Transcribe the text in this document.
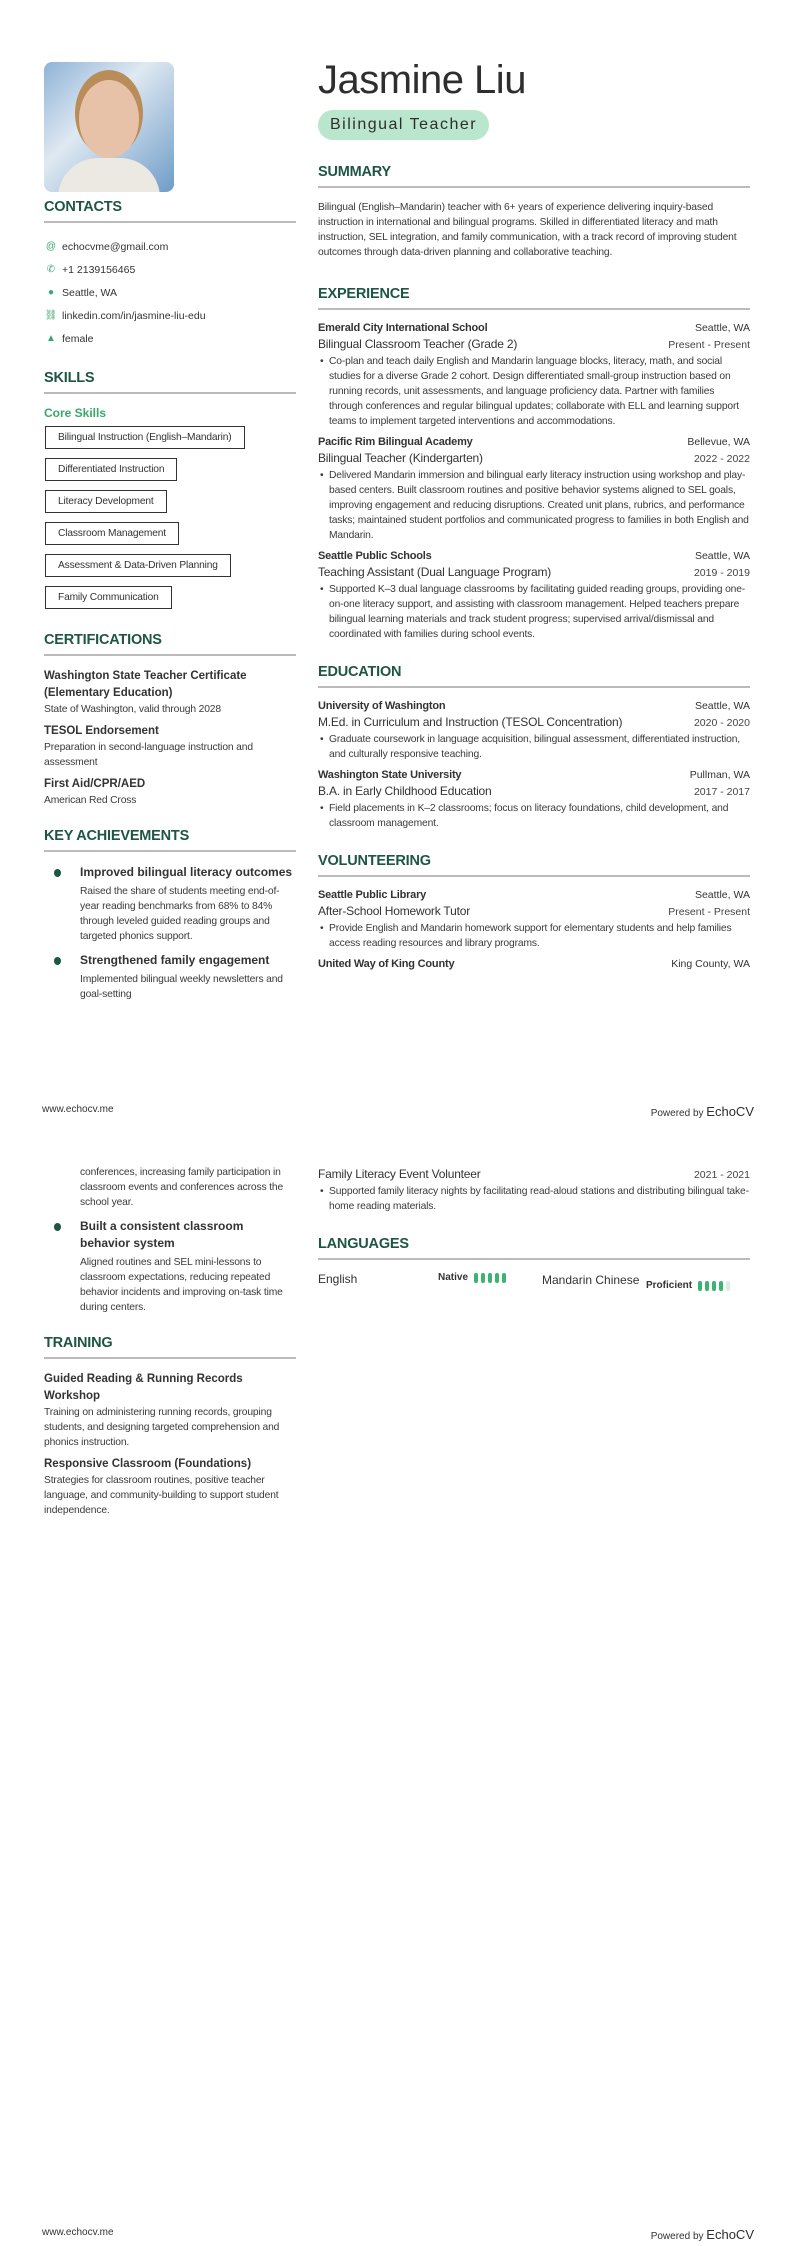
Jasmine Liu
Bilingual Teacher
CONTACTS
@ echocvme@gmail.com
✆ +1 2139156465
● Seattle, WA
⛓ linkedin.com/in/jasmine-liu-edu
▲ female
SKILLS
Core Skills
Bilingual Instruction (English–Mandarin)
Differentiated Instruction
Literacy Development
Classroom Management
Assessment & Data-Driven Planning
Family Communication
CERTIFICATIONS
Washington State Teacher Certificate (Elementary Education)
State of Washington, valid through 2028
TESOL Endorsement
Preparation in second-language instruction and assessment
First Aid/CPR/AED
American Red Cross
KEY ACHIEVEMENTS
Improved bilingual literacy outcomes
Raised the share of students meeting end-of-year reading benchmarks from 68% to 84% through leveled guided reading groups and targeted phonics support.
Strengthened family engagement
Implemented bilingual weekly newsletters and goal-setting
SUMMARY
Bilingual (English–Mandarin) teacher with 6+ years of experience delivering inquiry-based instruction in international and bilingual programs. Skilled in differentiated literacy and math instruction, SEL integration, and family communication, with a track record of improving student outcomes through data-driven planning and collaborative teaching.
EXPERIENCE
Emerald City International School	Seattle, WA
Bilingual Classroom Teacher (Grade 2)	Present - Present
• Co-plan and teach daily English and Mandarin language blocks, literacy, math, and social studies for a diverse Grade 2 cohort. Design differentiated small-group instruction based on running records, unit assessments, and language proficiency data. Partner with families through conferences and regular bilingual updates; collaborate with ELL and learning support teams to implement targeted interventions and accommodations.
Pacific Rim Bilingual Academy	Bellevue, WA
Bilingual Teacher (Kindergarten)	2022 - 2022
• Delivered Mandarin immersion and bilingual early literacy instruction using workshop and play-based centers. Built classroom routines and positive behavior systems aligned to SEL goals, improving engagement and reducing disruptions. Created unit plans, rubrics, and performance tasks; maintained student portfolios and communicated progress to families in both English and Mandarin.
Seattle Public Schools	Seattle, WA
Teaching Assistant (Dual Language Program)	2019 - 2019
• Supported K–3 dual language classrooms by facilitating guided reading groups, providing one-on-one literacy support, and assisting with classroom management. Helped teachers prepare bilingual learning materials and track student progress; supervised arrival/dismissal and coordinated with families during school events.
EDUCATION
University of Washington	Seattle, WA
M.Ed. in Curriculum and Instruction (TESOL Concentration)	2020 - 2020
• Graduate coursework in language acquisition, bilingual assessment, differentiated instruction, and culturally responsive teaching.
Washington State University	Pullman, WA
B.A. in Early Childhood Education	2017 - 2017
• Field placements in K–2 classrooms; focus on literacy foundations, child development, and classroom management.
VOLUNTEERING
Seattle Public Library	Seattle, WA
After-School Homework Tutor	Present - Present
• Provide English and Mandarin homework support for elementary students and help families access reading resources and library programs.
United Way of King County	King County, WA
www.echocv.me	Powered by EchoCV
conferences, increasing family participation in classroom events and conferences across the school year.
Built a consistent classroom behavior system
Aligned routines and SEL mini-lessons to classroom expectations, reducing repeated behavior incidents and improving on-task time during centers.
TRAINING
Guided Reading & Running Records Workshop
Training on administering running records, grouping students, and designing targeted comprehension and phonics instruction.
Responsive Classroom (Foundations)
Strategies for classroom routines, positive teacher language, and community-building to support student independence.
Family Literacy Event Volunteer	2021 - 2021
• Supported family literacy nights by facilitating read-aloud stations and distributing bilingual take-home reading materials.
LANGUAGES
English	Native	Mandarin Chinese Proficient
www.echocv.me	Powered by EchoCV
